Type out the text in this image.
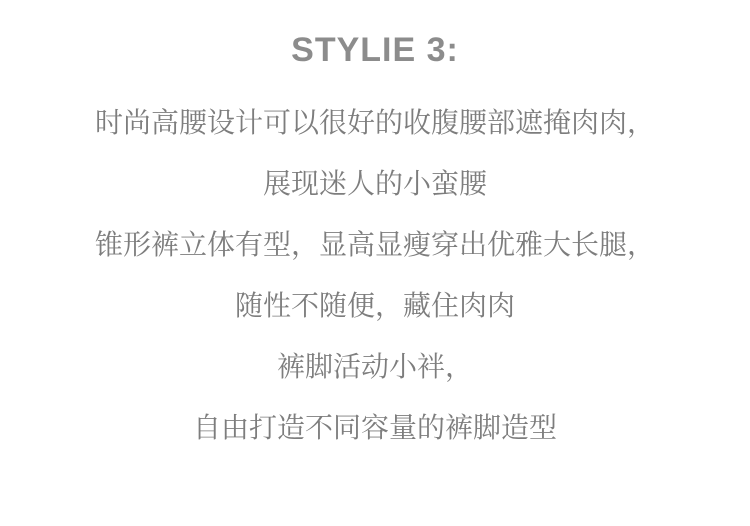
STYLIE 3:
时尚高腰设计可以很好的收腹腰部遮掩肉肉，
展现迷人的小蛮腰
锥形裤立体有型，显高显瘦穿出优雅大长腿，
随性不随便，藏住肉肉
裤脚活动小袢，
自由打造不同容量的裤脚造型
